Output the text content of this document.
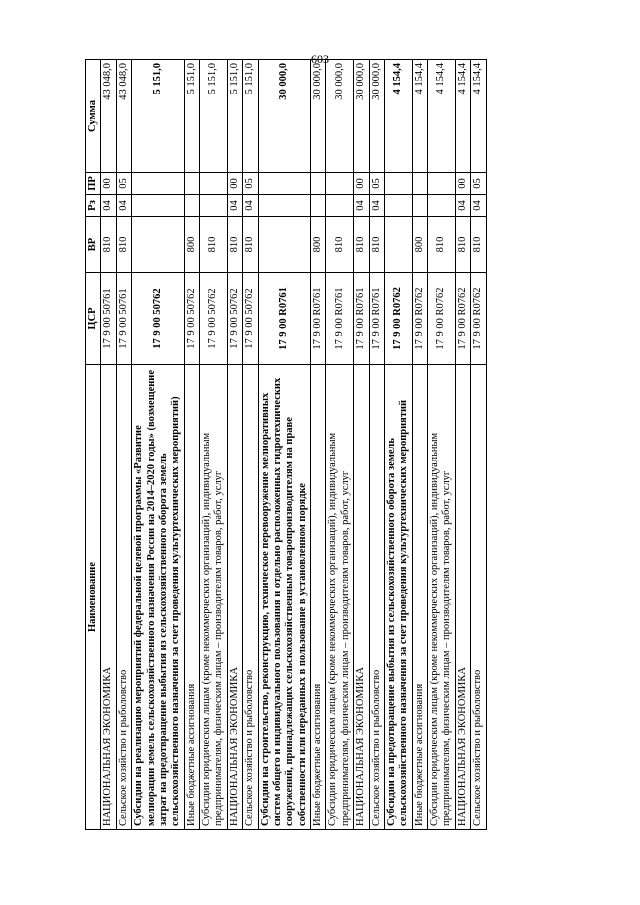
603
Наименование	ЦСР	ВР	Рз	ПР	Сумма
НАЦИОНАЛЬНАЯ ЭКОНОМИКА	17 9 00 50761	810	04	00	43 048,0
Сельское хозяйство и рыболовство	17 9 00 50761	810	04	05	43 048,0
Субсидии на реализацию мероприятий федеральной целевой программы «Развитие мелиорации земель сельскохозяйственного назначения России на 2014–2020 годы» (возмещение затрат на предотвращение выбытия из сельскохозяйственного оборота земель сельскохозяйственного назначения за счет проведения культуртехнических мероприятий)	17 9 00 50762				5 151,0
Иные бюджетные ассигнования	17 9 00 50762	800			5 151,0
Субсидии юридическим лицам (кроме некоммерческих организаций), индивидуальным предпринимателям, физическим лицам – производителям товаров, работ, услуг	17 9 00 50762	810			5 151,0
НАЦИОНАЛЬНАЯ ЭКОНОМИКА	17 9 00 50762	810	04	00	5 151,0
Сельское хозяйство и рыболовство	17 9 00 50762	810	04	05	5 151,0
Субсидии на строительство, реконструкцию, техническое перевооружение мелиоративных систем общего и индивидуального пользования и отдельно расположенных гидротехнических сооружений, принадлежащих сельскохозяйственным товаропроизводителям на праве собственности или переданных в пользование в установленном порядке	17 9 00 R0761				30 000,0
Иные бюджетные ассигнования	17 9 00 R0761	800			30 000,0
Субсидии юридическим лицам (кроме некоммерческих организаций), индивидуальным предпринимателям, физическим лицам – производителям товаров, работ, услуг	17 9 00 R0761	810			30 000,0
НАЦИОНАЛЬНАЯ ЭКОНОМИКА	17 9 00 R0761	810	04	00	30 000,0
Сельское хозяйство и рыболовство	17 9 00 R0761	810	04	05	30 000,0
Субсидии на предотвращение выбытия из сельскохозяйственного оборота земель сельскохозяйственного назначения за счет проведения культуртехнических мероприятий	17 9 00 R0762				4 154,4
Иные бюджетные ассигнования	17 9 00 R0762	800			4 154,4
Субсидии юридическим лицам (кроме некоммерческих организаций), индивидуальным предпринимателям, физическим лицам – производителям товаров, работ, услуг	17 9 00 R0762	810			4 154,4
НАЦИОНАЛЬНАЯ ЭКОНОМИКА	17 9 00 R0762	810	04	00	4 154,4
Сельское хозяйство и рыболовство	17 9 00 R0762	810	04	05	4 154,4
